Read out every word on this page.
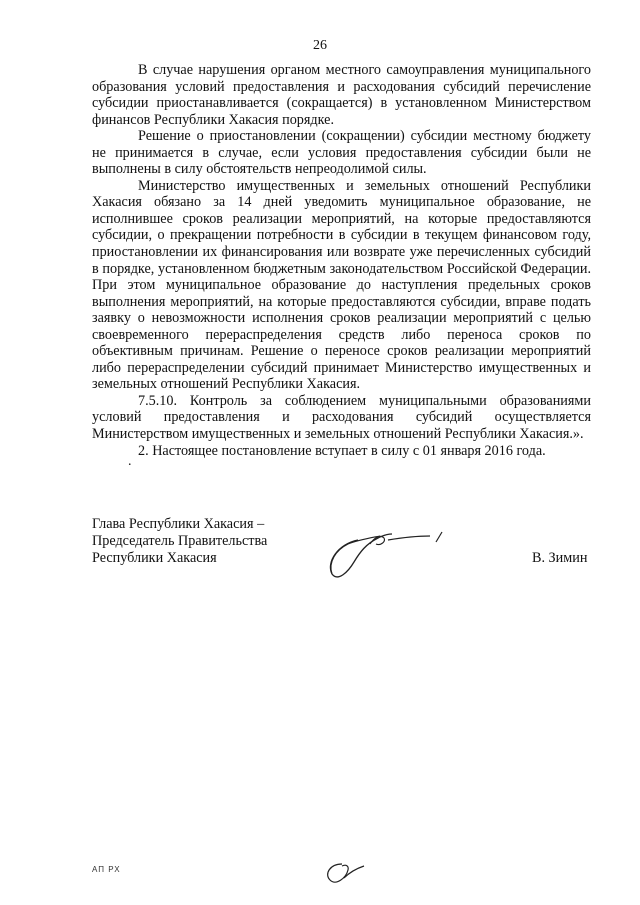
26

В случае нарушения органом местного самоуправления муниципального образования условий предоставления и расходования субсидий перечисление субсидии приостанавливается (сокращается) в установленном Министерством финансов Республики Хакасия порядке.

Решение о приостановлении (сокращении) субсидии местному бюджету не принимается в случае, если условия предоставления субсидии были не выполнены в силу обстоятельств непреодолимой силы.

Министерство имущественных и земельных отношений Республики Хакасия обязано за 14 дней уведомить муниципальное образование, не исполнившее сроков реализации мероприятий, на которые предоставляются субсидии, о прекращении потребности в субсидии в текущем финансовом году, приостановлении их финансирования или возврате уже перечисленных субсидий в порядке, установленном бюджетным законодательством Российской Федерации. При этом муниципальное образование до наступления предельных сроков выполнения мероприятий, на которые предоставляются субсидии, вправе подать заявку о невозможности исполнения сроков реализации мероприятий с целью своевременного перераспределения средств либо переноса сроков по объективным причинам. Решение о переносе сроков реализации мероприятий либо перераспределении субсидий принимает Министерство имущественных и земельных отношений Республики Хакасия.

7.5.10. Контроль за соблюдением муниципальными образованиями условий предоставления и расходования субсидий осуществляется Министерством имущественных и земельных отношений Республики Хакасия.».

2. Настоящее постановление вступает в силу с 01 января 2016 года.

.
Глава Республики Хакасия –
Председатель Правительства
Республики Хакасия	В. Зимин
АП РХ
